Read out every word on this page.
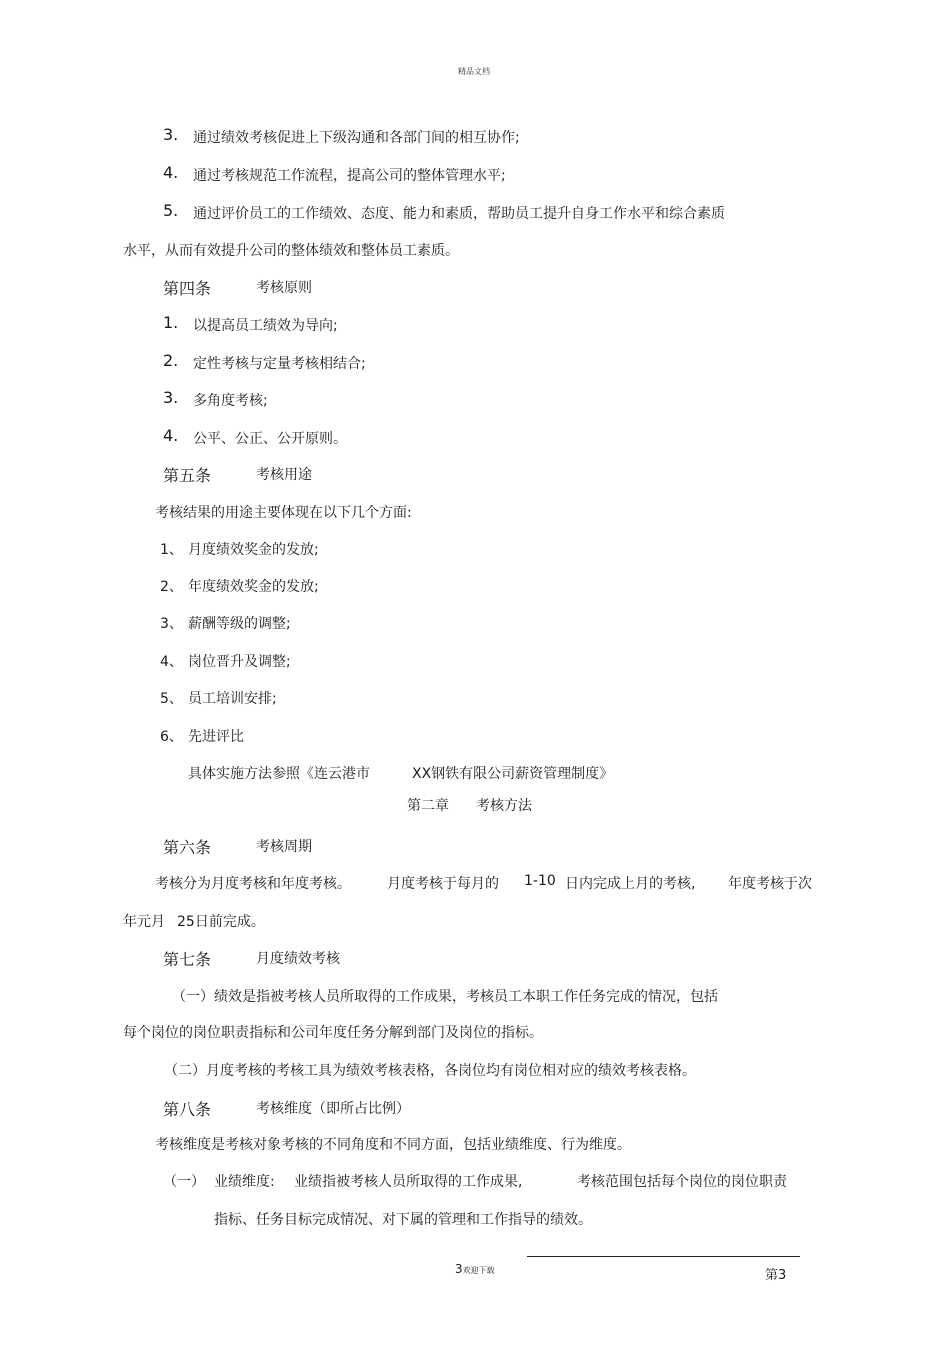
精品文档
3. 通过绩效考核促进上下级沟通和各部门间的相互协作;
4. 通过考核规范工作流程，提高公司的整体管理水平;
5. 通过评价员工的工作绩效、态度、能力和素质，帮助员工提升自身工作水平和综合素质
水平，从而有效提升公司的整体绩效和整体员工素质。
第四条	考核原则
1. 以提高员工绩效为导向;
2. 定性考核与定量考核相结合;
3. 多角度考核;
4. 公平、公正、公开原则。
第五条	考核用途
考核结果的用途主要体现在以下几个方面:
1、 月度绩效奖金的发放;
2、 年度绩效奖金的发放;
3、 薪酬等级的调整;
4、 岗位晋升及调整;
5、 员工培训安排;
6、 先进评比
具体实施方法参照《连云港市	XX钢铁有限公司薪资管理制度》
第二章 考核方法
第六条	考核周期
考核分为月度考核和年度考核。	月度考核于每月的 1-10 日内完成上月的考核, 年度考核于次
年元月 25日前完成。
第七条	月度绩效考核
（一）绩效是指被考核人员所取得的工作成果，考核员工本职工作任务完成的情况，包括
每个岗位的岗位职责指标和公司年度任务分解到部门及岗位的指标。
（二）月度考核的考核工具为绩效考核表格，各岗位均有岗位相对应的绩效考核表格。
第八条	考核维度（即所占比例）
考核维度是考核对象考核的不同角度和不同方面，包括业绩维度、行为维度。
（一） 业绩维度: 业绩指被考核人员所取得的工作成果,	考核范围包括每个岗位的岗位职责
指标、任务目标完成情况、对下属的管理和工作指导的绩效。
3欢迎下载	第3
